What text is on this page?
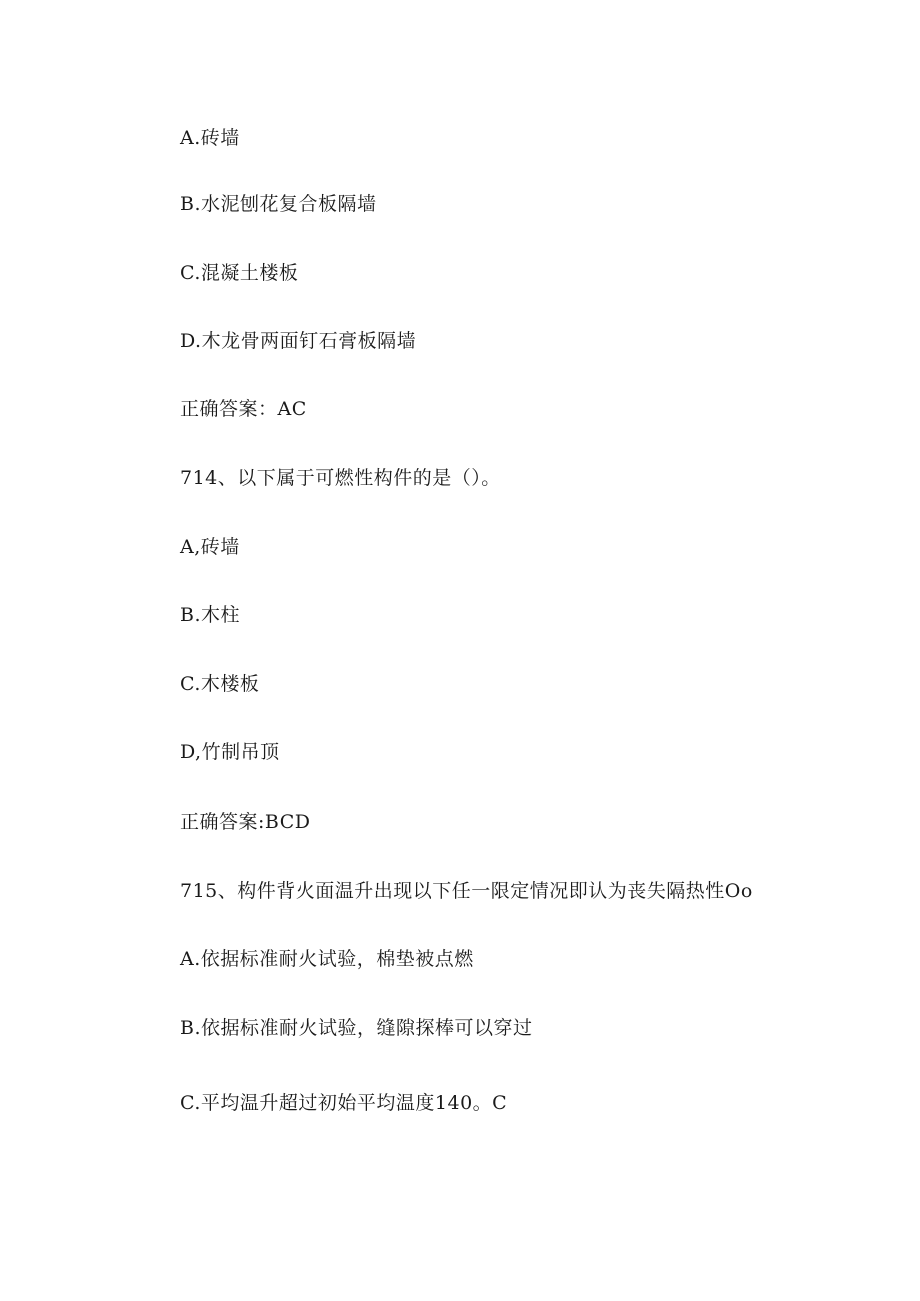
A.砖墙
B.水泥刨花复合板隔墙
C.混凝土楼板
D.木龙骨两面钉石膏板隔墙
正确答案：AC
714、以下属于可燃性构件的是（）。
A,砖墙
B.木柱
C.木楼板
D,竹制吊顶
正确答案:BCD
715、构件背火面温升出现以下任一限定情况即认为丧失隔热性Oo
A.依据标准耐火试验，棉垫被点燃
B.依据标准耐火试验，缝隙探棒可以穿过
C.平均温升超过初始平均温度140。C
